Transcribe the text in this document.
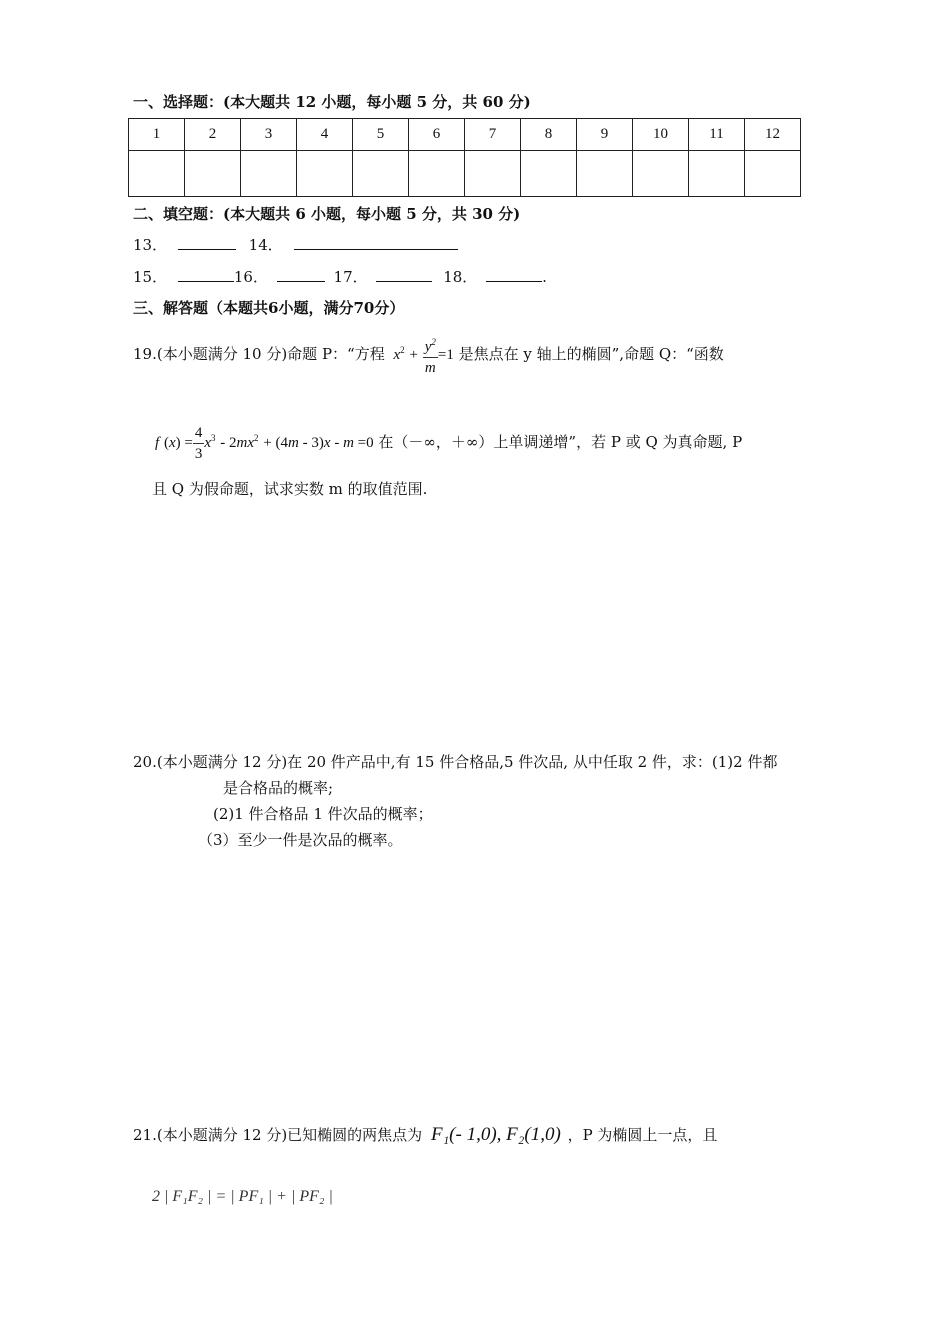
一、选择题：(本大题共 12 小题，每小题 5 分，共 60 分)
1	2	3	4	5	6	7	8	9	10	11	12

二、填空题：(本大题共 6 小题，每小题 5 分，共 30 分)
13．	14．
15．	16．	17．	18．	.
三、解答题（本题共6小题，满分70分）
19.(本小题满分 10 分)命题 P：“方程 $x^2 + \frac{y^2}{m} =1$ 是焦点在 y 轴上的椭圆”,命题 Q：“函数
f $(x) = \frac{4}{3} x^3 - 2mx^2 + (4m - 3)x - m =0$ 在（－∞，＋∞）上单调递增”，若 P 或 Q 为真命题, P
且 Q 为假命题，试求实数 m 的取值范围.
20.(本小题满分 12 分)在 20 件产品中,有 15 件合格品,5 件次品, 从中任取 2 件，求：(1)2 件都
是合格品的概率;
(2)1 件合格品 1 件次品的概率；
（3）至少一件是次品的概率。
21.(本小题满分 12 分)已知椭圆的两焦点为 F₁(- 1,0), F₂(1,0) ，P 为椭圆上一点，且
2 | F₁F₂ | = | PF₁ | + | PF₂ |
